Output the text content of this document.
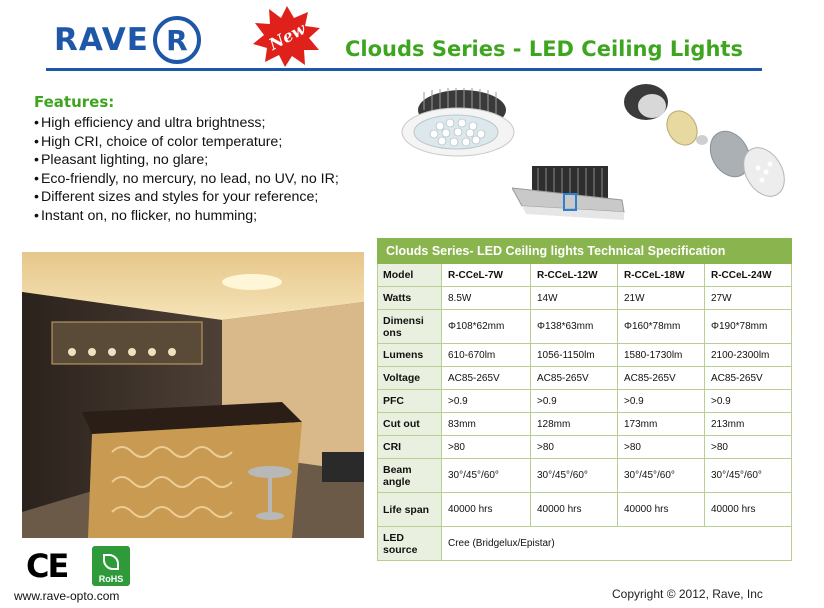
RAVE R	New	Clouds Series - LED Ceiling Lights
Features:
• High efficiency and ultra brightness;
• High CRI, choice of color temperature;
• Pleasant lighting, no glare;
• Eco-friendly, no mercury, no lead, no UV, no IR;
• Different sizes and styles for your reference;
• Instant on, no flicker, no humming;
Clouds Series- LED Ceiling lights Technical Specification				
Model	R-CCeL-7W	R-CCeL-12W	R-CCeL-18W	R-CCeL-24W
Watts	8.5W	14W	21W	27W
Dimensi ons	Φ108*62mm	Φ138*63mm	Φ160*78mm	Φ190*78mm
Lumens	610-670lm	1056-1150lm	1580-1730lm	2100-2300lm
Voltage	AC85-265V	AC85-265V	AC85-265V	AC85-265V
PFC	>0.9	>0.9	>0.9	>0.9
Cut out	83mm	128mm	173mm	213mm
CRI	>80	>80	>80	>80
Beam angle	30°/45°/60°	30°/45°/60°	30°/45°/60°	30°/45°/60°
Life span	40000 hrs	40000 hrs	40000 hrs	40000 hrs
LED source	Cree (Bridgelux/Epistar)			
CE	RoHS
www.rave-opto.com	Copyright © 2012, Rave, Inc
